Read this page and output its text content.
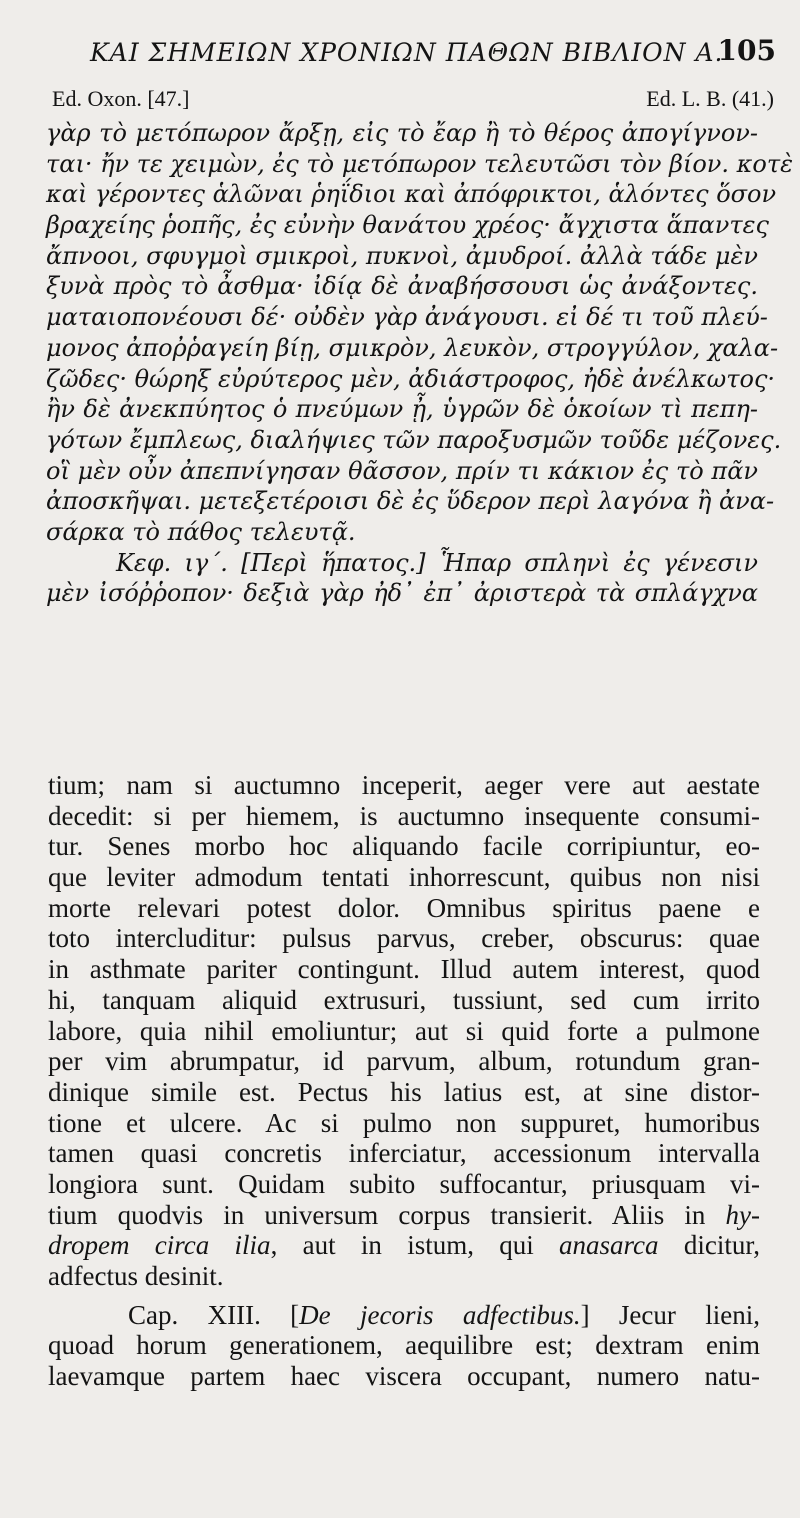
ΚΑΙ ΣΗΜΕΙΩΝ ΧΡΟΝΙΩΝ ΠΑΘΩΝ ΒΙΒΛΙΟΝ Α.
105
Ed. Oxon. [47.]	Ed. L. B. (41.)
γὰρ τὸ μετόπωρον ἄρξῃ, εἰς τὸ ἔαρ ἢ τὸ θέρος ἀπογίγνον-
ται· ἤν τε χειμὼν, ἐς τὸ μετόπωρον τελευτῶσι τὸν βίον. κοτὲ
καὶ γέροντες ἁλῶναι ῥηΐδιοι καὶ ἀπόφρικτοι, ἁλόντες ὅσον
βραχείης ῥοπῆς, ἐς εὐνὴν θανάτου χρέος· ἄγχιστα ἅπαντες
ἄπνοοι, σφυγμοὶ σμικροὶ, πυκνοὶ, ἀμυδροί. ἀλλὰ τάδε μὲν
ξυνὰ πρὸς τὸ ἆσθμα· ἰδίᾳ δὲ ἀναβήσσουσι ὡς ἀνάξοντες.
ματαιοπονέουσι δέ· οὐδὲν γὰρ ἀνάγουσι. εἰ δέ τι τοῦ πλεύ-
μονος ἀποῤῥαγείη βίῃ, σμικρὸν, λευκὸν, στρογγύλον, χαλα-
ζῶδες· θώρηξ εὐρύτερος μὲν, ἀδιάστροφος, ἠδὲ ἀνέλκωτος·
ἢν δὲ ἀνεκπύητος ὁ πνεύμων ᾖ, ὑγρῶν δὲ ὁκοίων τὶ πεπη-
γότων ἔμπλεως, διαλήψιες τῶν παροξυσμῶν τοῦδε μέζονες.
οἳ μὲν οὖν ἀπεπνίγησαν θᾶσσον, πρίν τι κάκιον ἐς τὸ πᾶν
ἀποσκῆψαι. μετεξετέροισι δὲ ἐς ὕδερον περὶ λαγόνα ἢ ἀνα-
σάρκα τὸ πάθος τελευτᾷ.
Κεφ. ιγ΄. [Περὶ ἥπατος.] Ἧπαρ σπληνὶ ἐς γένεσιν
μὲν ἰσόῤῥοπον· δεξιὰ γὰρ ἠδ᾽ ἐπ᾽ ἀριστερὰ τὰ σπλάγχνα
tium; nam si auctumno inceperit, aeger vere aut aestate
decedit: si per hiemem, is auctumno insequente consumi-
tur. Senes morbo hoc aliquando facile corripiuntur, eo-
que leviter admodum tentati inhorrescunt, quibus non nisi
morte relevari potest dolor. Omnibus spiritus paene e
toto intercluditur: pulsus parvus, creber, obscurus: quae
in asthmate pariter contingunt. Illud autem interest, quod
hi, tanquam aliquid extrusuri, tussiunt, sed cum irrito
labore, quia nihil emoliuntur; aut si quid forte a pulmone
per vim abrumpatur, id parvum, album, rotundum gran-
dinique simile est. Pectus his latius est, at sine distor-
tione et ulcere. Ac si pulmo non suppuret, humoribus
tamen quasi concretis inferciatur, accessionum intervalla
longiora sunt. Quidam subito suffocantur, priusquam vi-
tium quodvis in universum corpus transierit. Aliis in hy-
dropem circa ilia, aut in istum, qui anasarca dicitur,
adfectus desinit.
Cap. XIII. [De jecoris adfectibus.] Jecur lieni,
quoad horum generationem, aequilibre est; dextram enim
laevamque partem haec viscera occupant, numero natu-
